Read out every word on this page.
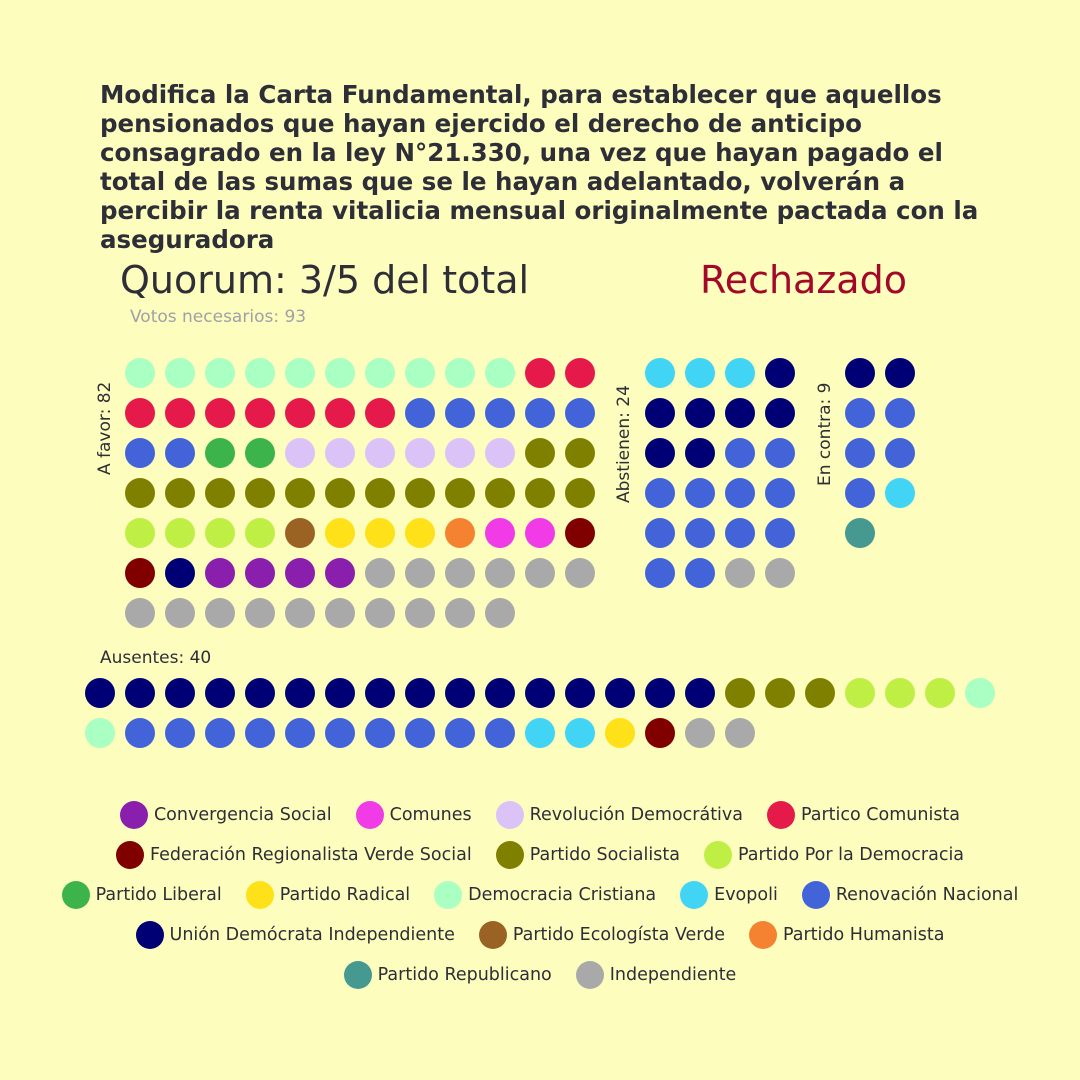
Modifica la Carta Fundamental, para establecer que aquellos pensionados que hayan ejercido el derecho de anticipo consagrado en la ley N°21.330, una vez que hayan pagado el total de las sumas que se le hayan adelantado, volverán a percibir la renta vitalicia mensual originalmente pactada con la aseguradora
Quorum: 3/5 del total	Rechazado
Votos necesarios: 93
A favor: 82	Abstienen: 24	En contra: 9
Ausentes: 40
Convergencia Social	Comunes	Revolución Democrátiva	Partico Comunista
Federación Regionalista Verde Social	Partido Socialista	Partido Por la Democracia
Partido Liberal	Partido Radical	Democracia Cristiana	Evopoli	Renovación Nacional
Unión Demócrata Independiente	Partido Ecologísta Verde	Partido Humanista
Partido Republicano	Independiente
